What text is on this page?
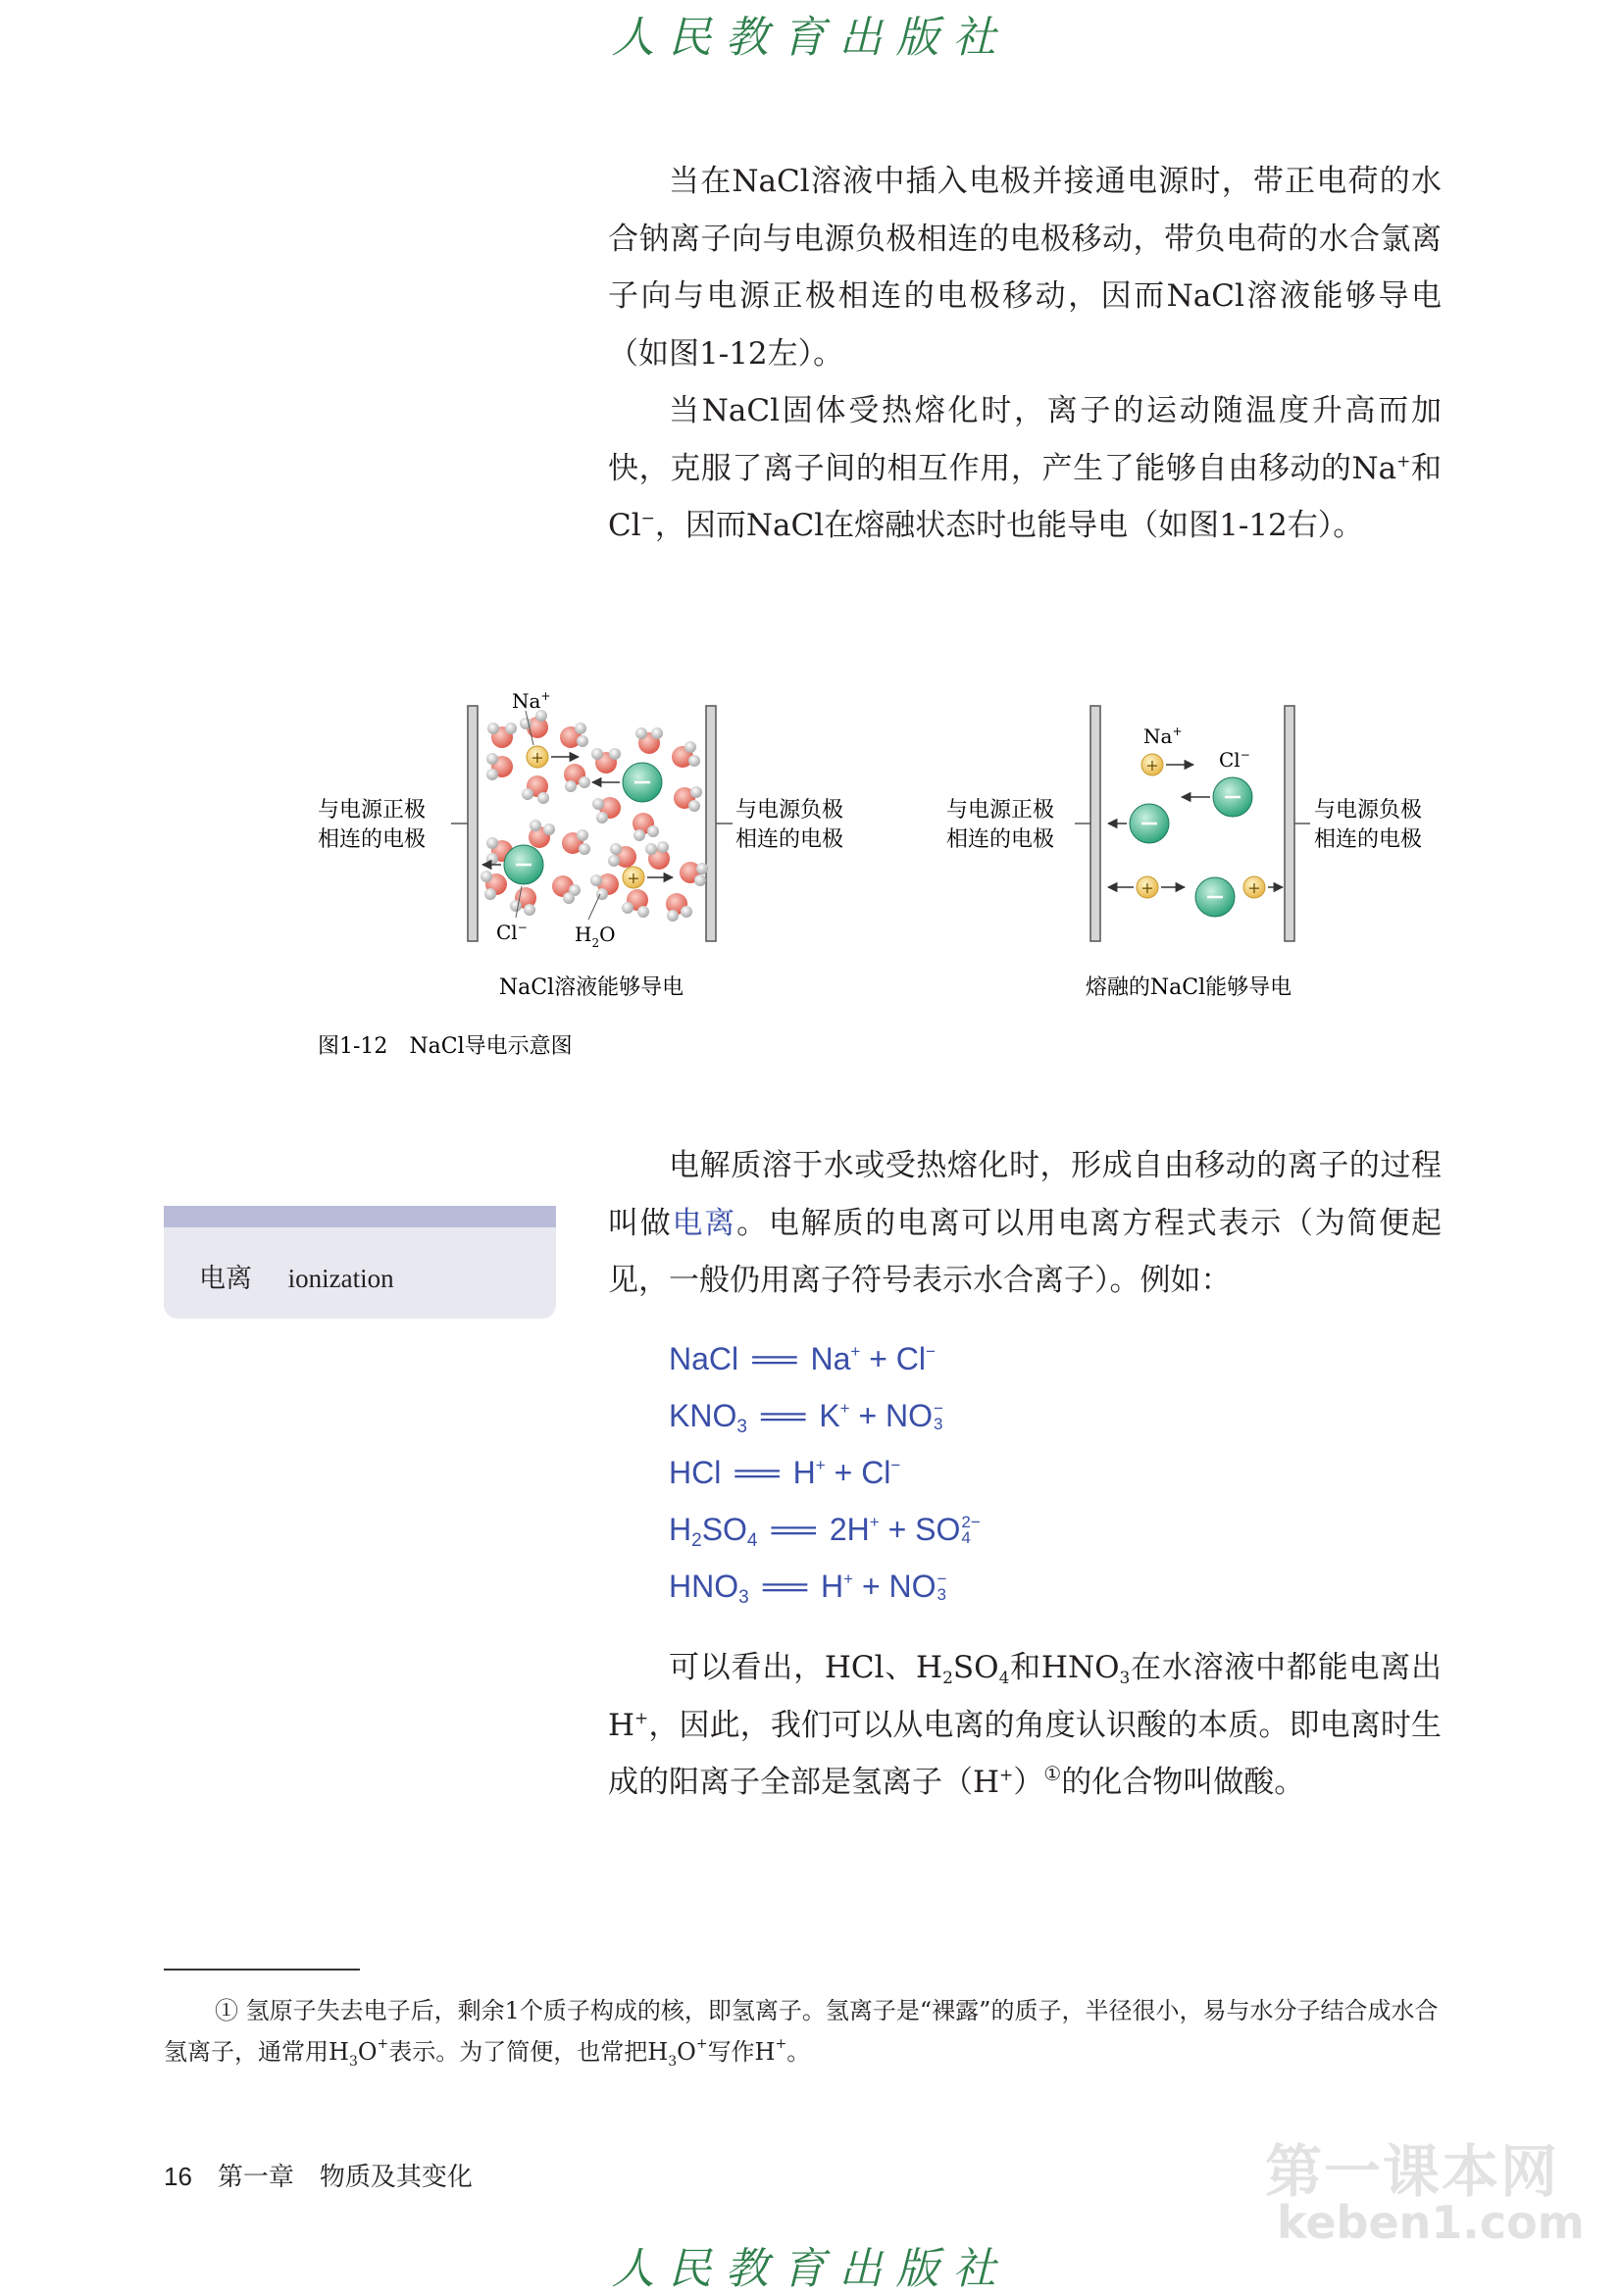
人民教育出版社

当在NaCl溶液中插入电极并接通电源时，带正电荷的水合钠离子向与电源负极相连的电极移动，带负电荷的水合氯离子向与电源正极相连的电极移动，因而NaCl溶液能够导电（如图1-12左）。

当NaCl固体受热熔化时，离子的运动随温度升高而加快，克服了离子间的相互作用，产生了能够自由移动的Na+和Cl−，因而NaCl在熔融状态时也能导电（如图1-12右）。

+
+
Na+
Cl− $H_2O$
与电源正极
相连的电极
与电源负极
相连的电极
NaCl溶液能够导电
+
+	+
Na+
Cl−
与电源正极
相连的电极
与电源负极
相连的电极
熔融的NaCl能够导电
图1-12　NaCl导电示意图
电离 ionization

电解质溶于水或受热熔化时，形成自由移动的离子的过程叫做电离。电解质的电离可以用电离方程式表示（为简便起见，一般仍用离子符号表示水合离子）。例如：

NaCl ══ Na+ + Cl−
$KNO_3$ ══ K+ + NO −
3
HCl ══ H+ + Cl−
$H_2SO_4$ ══ 2H+ + SO 2−
4
$HNO_3$ ══ H+ + NO −
3

可以看出，HCl、$H_2SO_4$和$HNO_3$在水溶液中都能电离出H+，因此，我们可以从电离的角度认识酸的本质。即电离时生成的阳离子全部是氢离子（H+）①的化合物叫做酸。

① 氢原子失去电子后，剩余1个质子构成的核，即氢离子。氢离子是“裸露”的质子，半径很小，易与水分子结合成水合氢离子，通常用$H_3O^+$表示。为了简便，也常把$H_3O^+$写作H+。

16 第一章　物质及其变化	第一课本网
keben1.com
人民教育出版社
